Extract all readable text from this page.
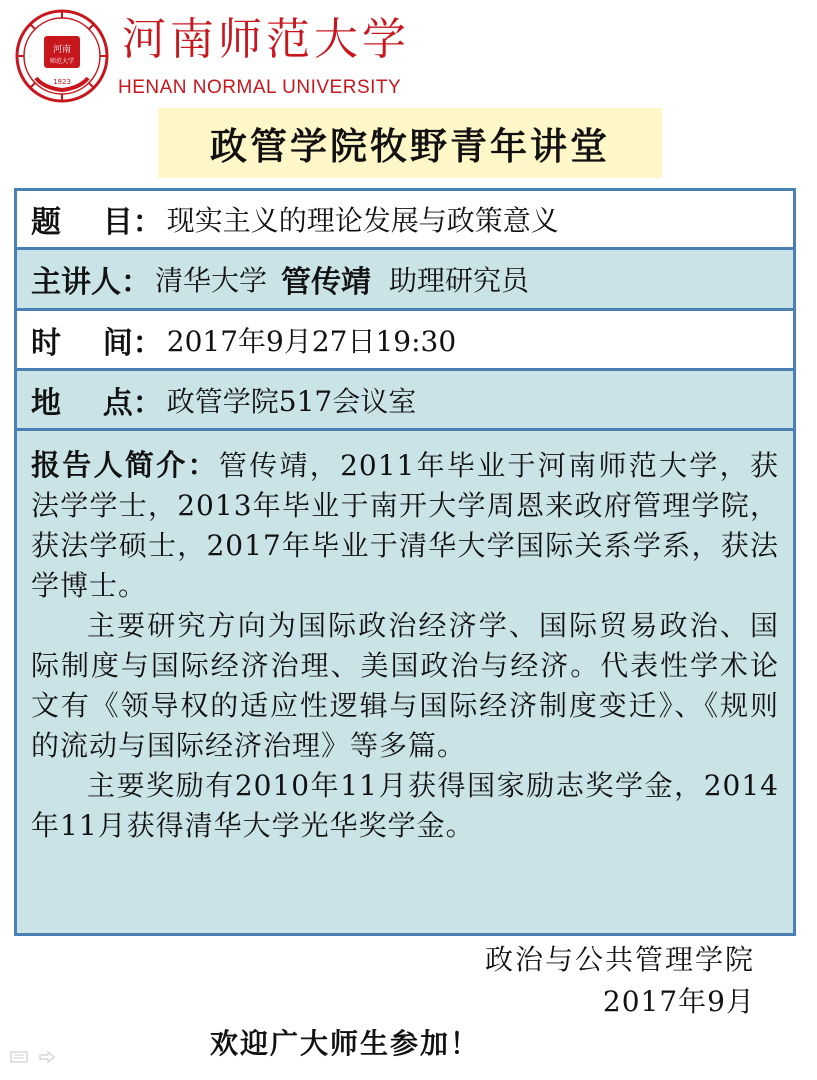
河南
师范大学
1923
河南师范大学
HENAN NORMAL UNIVERSITY
政管学院牧野青年讲堂
题    目： 现实主义的理论发展与政策意义
主讲人： 清华大学 管传靖 助理研究员
时    间： 2017年9月27日19:30
地    点： 政管学院517会议室

报告人简介：管传靖，2011年毕业于河南师范大学，获法学学士，2013年毕业于南开大学周恩来政府管理学院，获法学硕士，2017年毕业于清华大学国际关系学系，获法学博士。

主要研究方向为国际政治经济学、国际贸易政治、国际制度与国际经济治理、美国政治与经济。代表性学术论文有《领导权的适应性逻辑与国际经济制度变迁》、《规则的流动与国际经济治理》等多篇。

主要奖励有2010年11月获得国家励志奖学金，2014年11月获得清华大学光华奖学金。

政治与公共管理学院
2017年9月
欢迎广大师生参加！
